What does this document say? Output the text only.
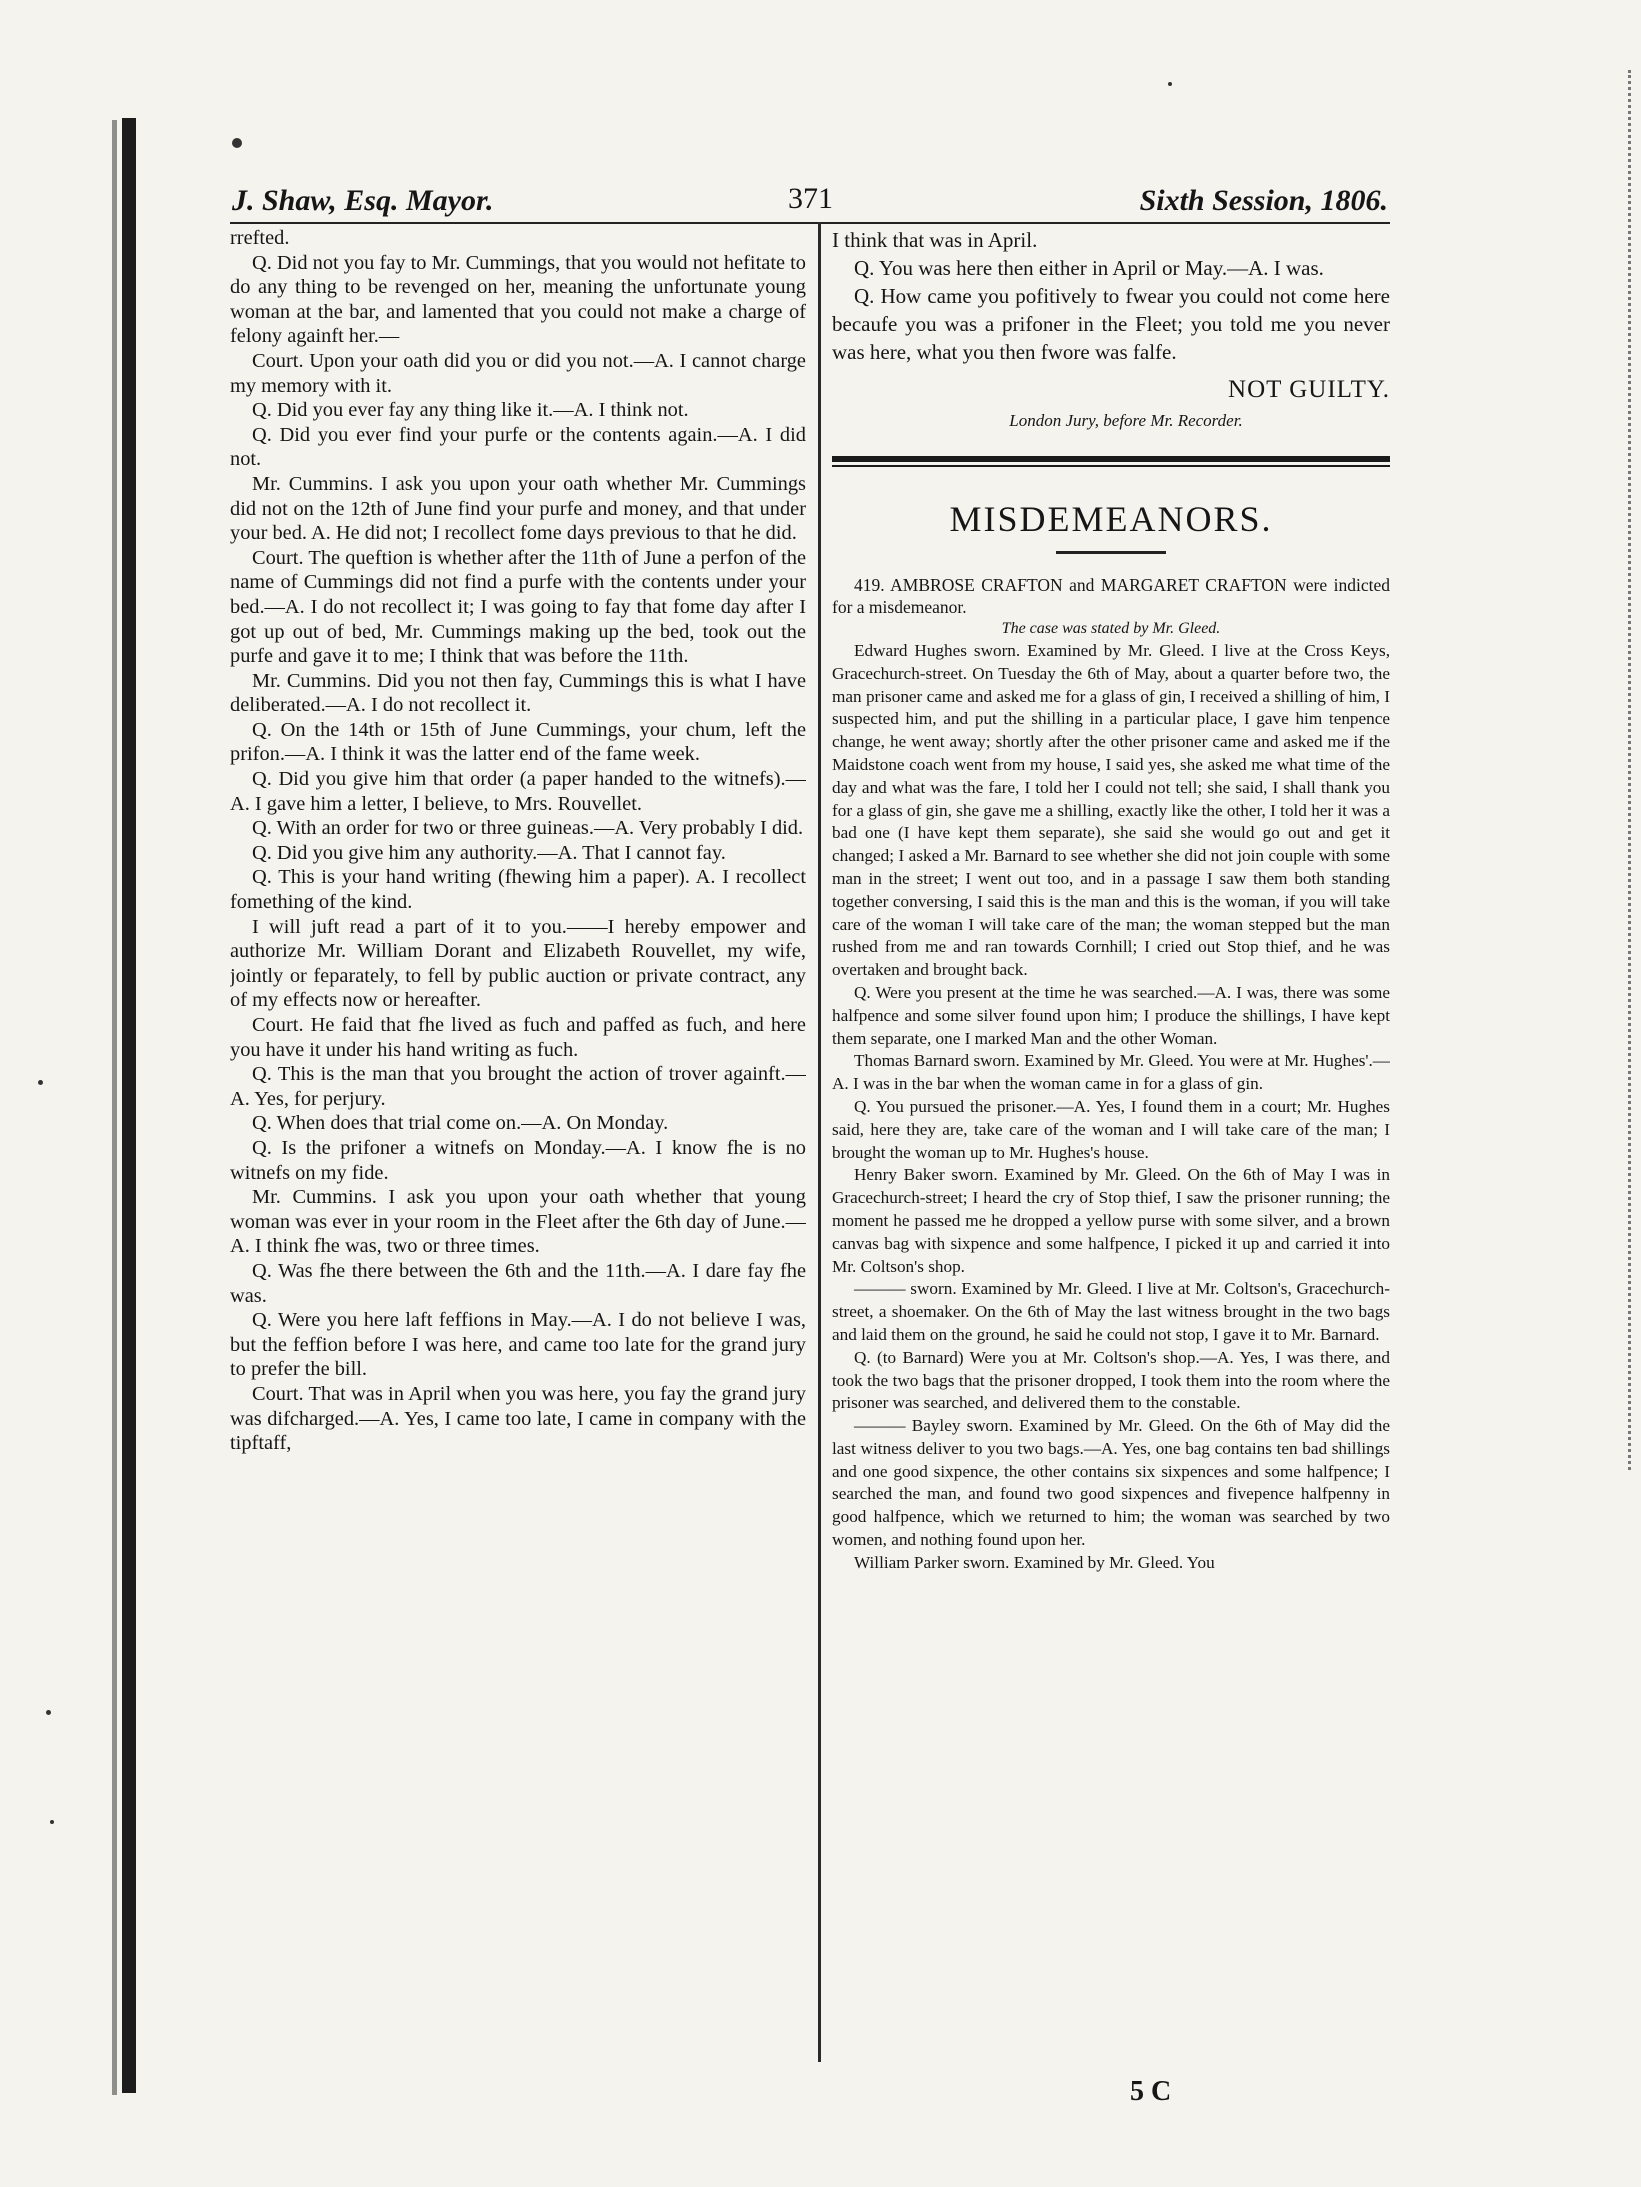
J. Shaw, Esq. Mayor.	371	Sixth Session, 1806.

rrefted.

Q. Did not you fay to Mr. Cummings, that you would not hefitate to do any thing to be revenged on her, meaning the unfortunate young woman at the bar, and lamented that you could not make a charge of felony againft her.—

Court. Upon your oath did you or did you not.—A. I cannot charge my memory with it.

Q. Did you ever fay any thing like it.—A. I think not.

Q. Did you ever find your purfe or the contents again.—A. I did not.

Mr. Cummins. I ask you upon your oath whether Mr. Cummings did not on the 12th of June find your purfe and money, and that under your bed. A. He did not; I recollect fome days previous to that he did.

Court. The queftion is whether after the 11th of June a perfon of the name of Cummings did not find a purfe with the contents under your bed.—A. I do not recollect it; I was going to fay that fome day after I got up out of bed, Mr. Cummings making up the bed, took out the purfe and gave it to me; I think that was before the 11th.

Mr. Cummins. Did you not then fay, Cummings this is what I have deliberated.—A. I do not recollect it.

Q. On the 14th or 15th of June Cummings, your chum, left the prifon.—A. I think it was the latter end of the fame week.

Q. Did you give him that order (a paper handed to the witnefs).—A. I gave him a letter, I believe, to Mrs. Rouvellet.

Q. With an order for two or three guineas.—A. Very probably I did.

Q. Did you give him any authority.—A. That I cannot fay.

Q. This is your hand writing (fhewing him a paper). A. I recollect fomething of the kind.

I will juft read a part of it to you.——I hereby empower and authorize Mr. William Dorant and Elizabeth Rouvellet, my wife, jointly or feparately, to fell by public auction or private contract, any of my effects now or hereafter.

Court. He faid that fhe lived as fuch and paffed as fuch, and here you have it under his hand writing as fuch.

Q. This is the man that you brought the action of trover againft.—A. Yes, for perjury.

Q. When does that trial come on.—A. On Monday.

Q. Is the prifoner a witnefs on Monday.—A. I know fhe is no witnefs on my fide.

Mr. Cummins. I ask you upon your oath whether that young woman was ever in your room in the Fleet after the 6th day of June.—A. I think fhe was, two or three times.

Q. Was fhe there between the 6th and the 11th.—A. I dare fay fhe was.

Q. Were you here laft feffions in May.—A. I do not believe I was, but the feffion before I was here, and came too late for the grand jury to prefer the bill.

Court. That was in April when you was here, you fay the grand jury was difcharged.—A. Yes, I came too late, I came in company with the tipftaff,

I think that was in April.

Q. You was here then either in April or May.—A. I was.

Q. How came you pofitively to fwear you could not come here becaufe you was a prifoner in the Fleet; you told me you never was here, what you then fwore was falfe.

NOT GUILTY.
London Jury, before Mr. Recorder.
MISDEMEANORS.

419. AMBROSE CRAFTON and MARGARET CRAFTON were indicted for a misdemeanor.

The case was stated by Mr. Gleed.

Edward Hughes sworn. Examined by Mr. Gleed. I live at the Cross Keys, Gracechurch-street. On Tuesday the 6th of May, about a quarter before two, the man prisoner came and asked me for a glass of gin, I received a shilling of him, I suspected him, and put the shilling in a particular place, I gave him tenpence change, he went away; shortly after the other prisoner came and asked me if the Maidstone coach went from my house, I said yes, she asked me what time of the day and what was the fare, I told her I could not tell; she said, I shall thank you for a glass of gin, she gave me a shilling, exactly like the other, I told her it was a bad one (I have kept them separate), she said she would go out and get it changed; I asked a Mr. Barnard to see whether she did not join couple with some man in the street; I went out too, and in a passage I saw them both standing together conversing, I said this is the man and this is the woman, if you will take care of the woman I will take care of the man; the woman stepped but the man rushed from me and ran towards Cornhill; I cried out Stop thief, and he was overtaken and brought back.

Q. Were you present at the time he was searched.—A. I was, there was some halfpence and some silver found upon him; I produce the shillings, I have kept them separate, one I marked Man and the other Woman.

Thomas Barnard sworn. Examined by Mr. Gleed. You were at Mr. Hughes'.—A. I was in the bar when the woman came in for a glass of gin.

Q. You pursued the prisoner.—A. Yes, I found them in a court; Mr. Hughes said, here they are, take care of the woman and I will take care of the man; I brought the woman up to Mr. Hughes's house.

Henry Baker sworn. Examined by Mr. Gleed. On the 6th of May I was in Gracechurch-street; I heard the cry of Stop thief, I saw the prisoner running; the moment he passed me he dropped a yellow purse with some silver, and a brown canvas bag with sixpence and some halfpence, I picked it up and carried it into Mr. Coltson's shop.

——— sworn. Examined by Mr. Gleed. I live at Mr. Coltson's, Gracechurch-street, a shoemaker. On the 6th of May the last witness brought in the two bags and laid them on the ground, he said he could not stop, I gave it to Mr. Barnard.

Q. (to Barnard) Were you at Mr. Coltson's shop.—A. Yes, I was there, and took the two bags that the prisoner dropped, I took them into the room where the prisoner was searched, and delivered them to the constable.

——— Bayley sworn. Examined by Mr. Gleed. On the 6th of May did the last witness deliver to you two bags.—A. Yes, one bag contains ten bad shillings and one good sixpence, the other contains six sixpences and some halfpence; I searched the man, and found two good sixpences and fivepence halfpenny in good halfpence, which we returned to him; the woman was searched by two women, and nothing found upon her.

William Parker sworn. Examined by Mr. Gleed. You

5 C
